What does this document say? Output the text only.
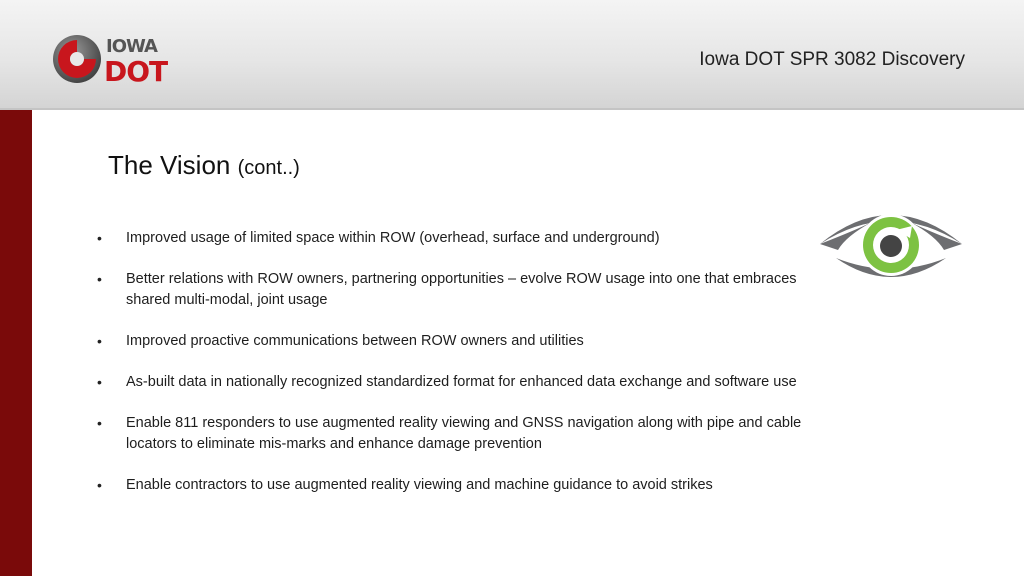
IOWA
DOT	Iowa DOT SPR 3082 Discovery
The Vision (cont..)
• Improved usage of limited space within ROW (overhead, surface and underground)
• Better relations with ROW owners, partnering opportunities – evolve ROW usage into one that embraces shared multi-modal, joint usage
• Improved proactive communications between ROW owners and utilities
• As-built data in nationally recognized standardized format for enhanced data exchange and software use
• Enable 811 responders to use augmented reality viewing and GNSS navigation along with pipe and cable locators to eliminate mis-marks and enhance damage prevention
• Enable contractors to use augmented reality viewing and machine guidance to avoid strikes
